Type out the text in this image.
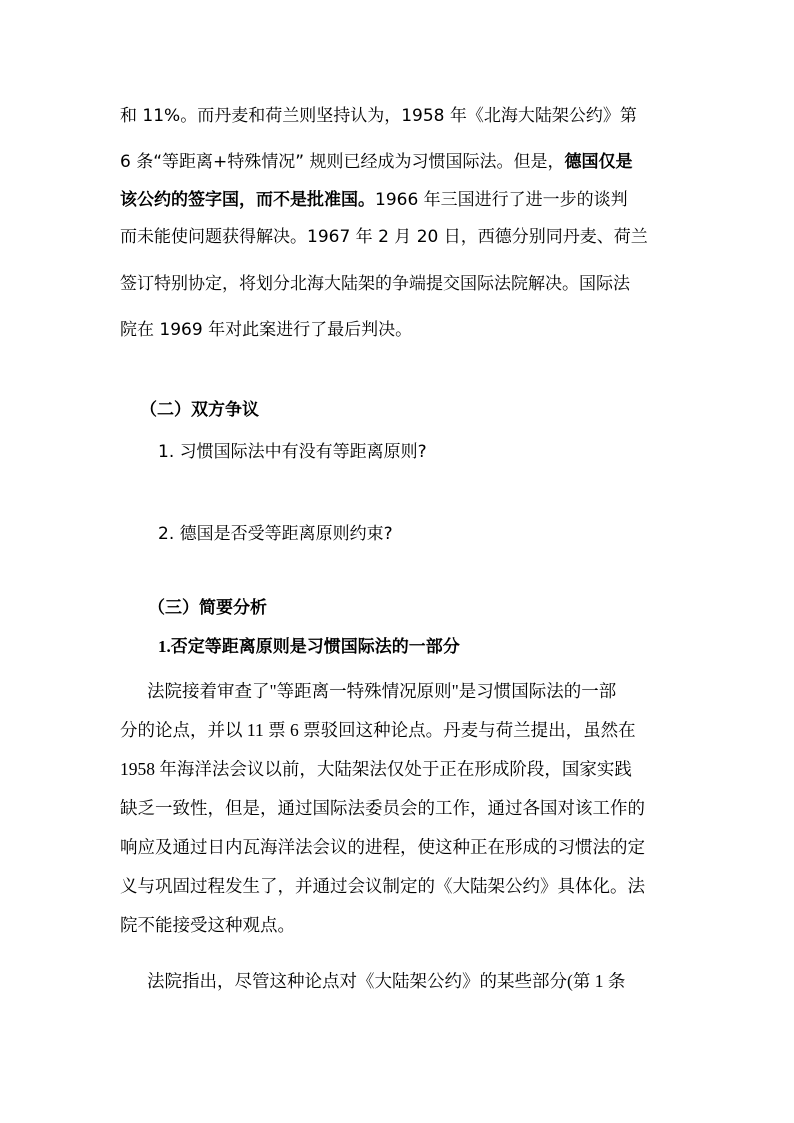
和 11%。而丹麦和荷兰则坚持认为，1958 年《北海大陆架公约》第
6 条“等距离+特殊情况” 规则已经成为习惯国际法。但是，德国仅是
该公约的签字国，而不是批准国。1966 年三国进行了进一步的谈判
而未能使问题获得解决。1967 年 2 月 20 日，西德分别同丹麦、荷兰
签订特别协定，将划分北海大陆架的争端提交国际法院解决。国际法
院在 1969 年对此案进行了最后判决。
（二）双方争议
1. 习惯国际法中有没有等距离原则?
2. 德国是否受等距离原则约束?
（三）简要分析
1.否定等距离原则是习惯国际法的一部分
法院接着审查了"等距离一特殊情况原则"是习惯国际法的一部
分的论点，并以 11 票 6 票驳回这种论点。丹麦与荷兰提出，虽然在
1958 年海洋法会议以前，大陆架法仅处于正在形成阶段，国家实践
缺乏一致性，但是，通过国际法委员会的工作，通过各国对该工作的
响应及通过日内瓦海洋法会议的进程，使这种正在形成的习惯法的定
义与巩固过程发生了，并通过会议制定的《大陆架公约》具体化。法
院不能接受这种观点。
法院指出，尽管这种论点对《大陆架公约》的某些部分(第 1 条
